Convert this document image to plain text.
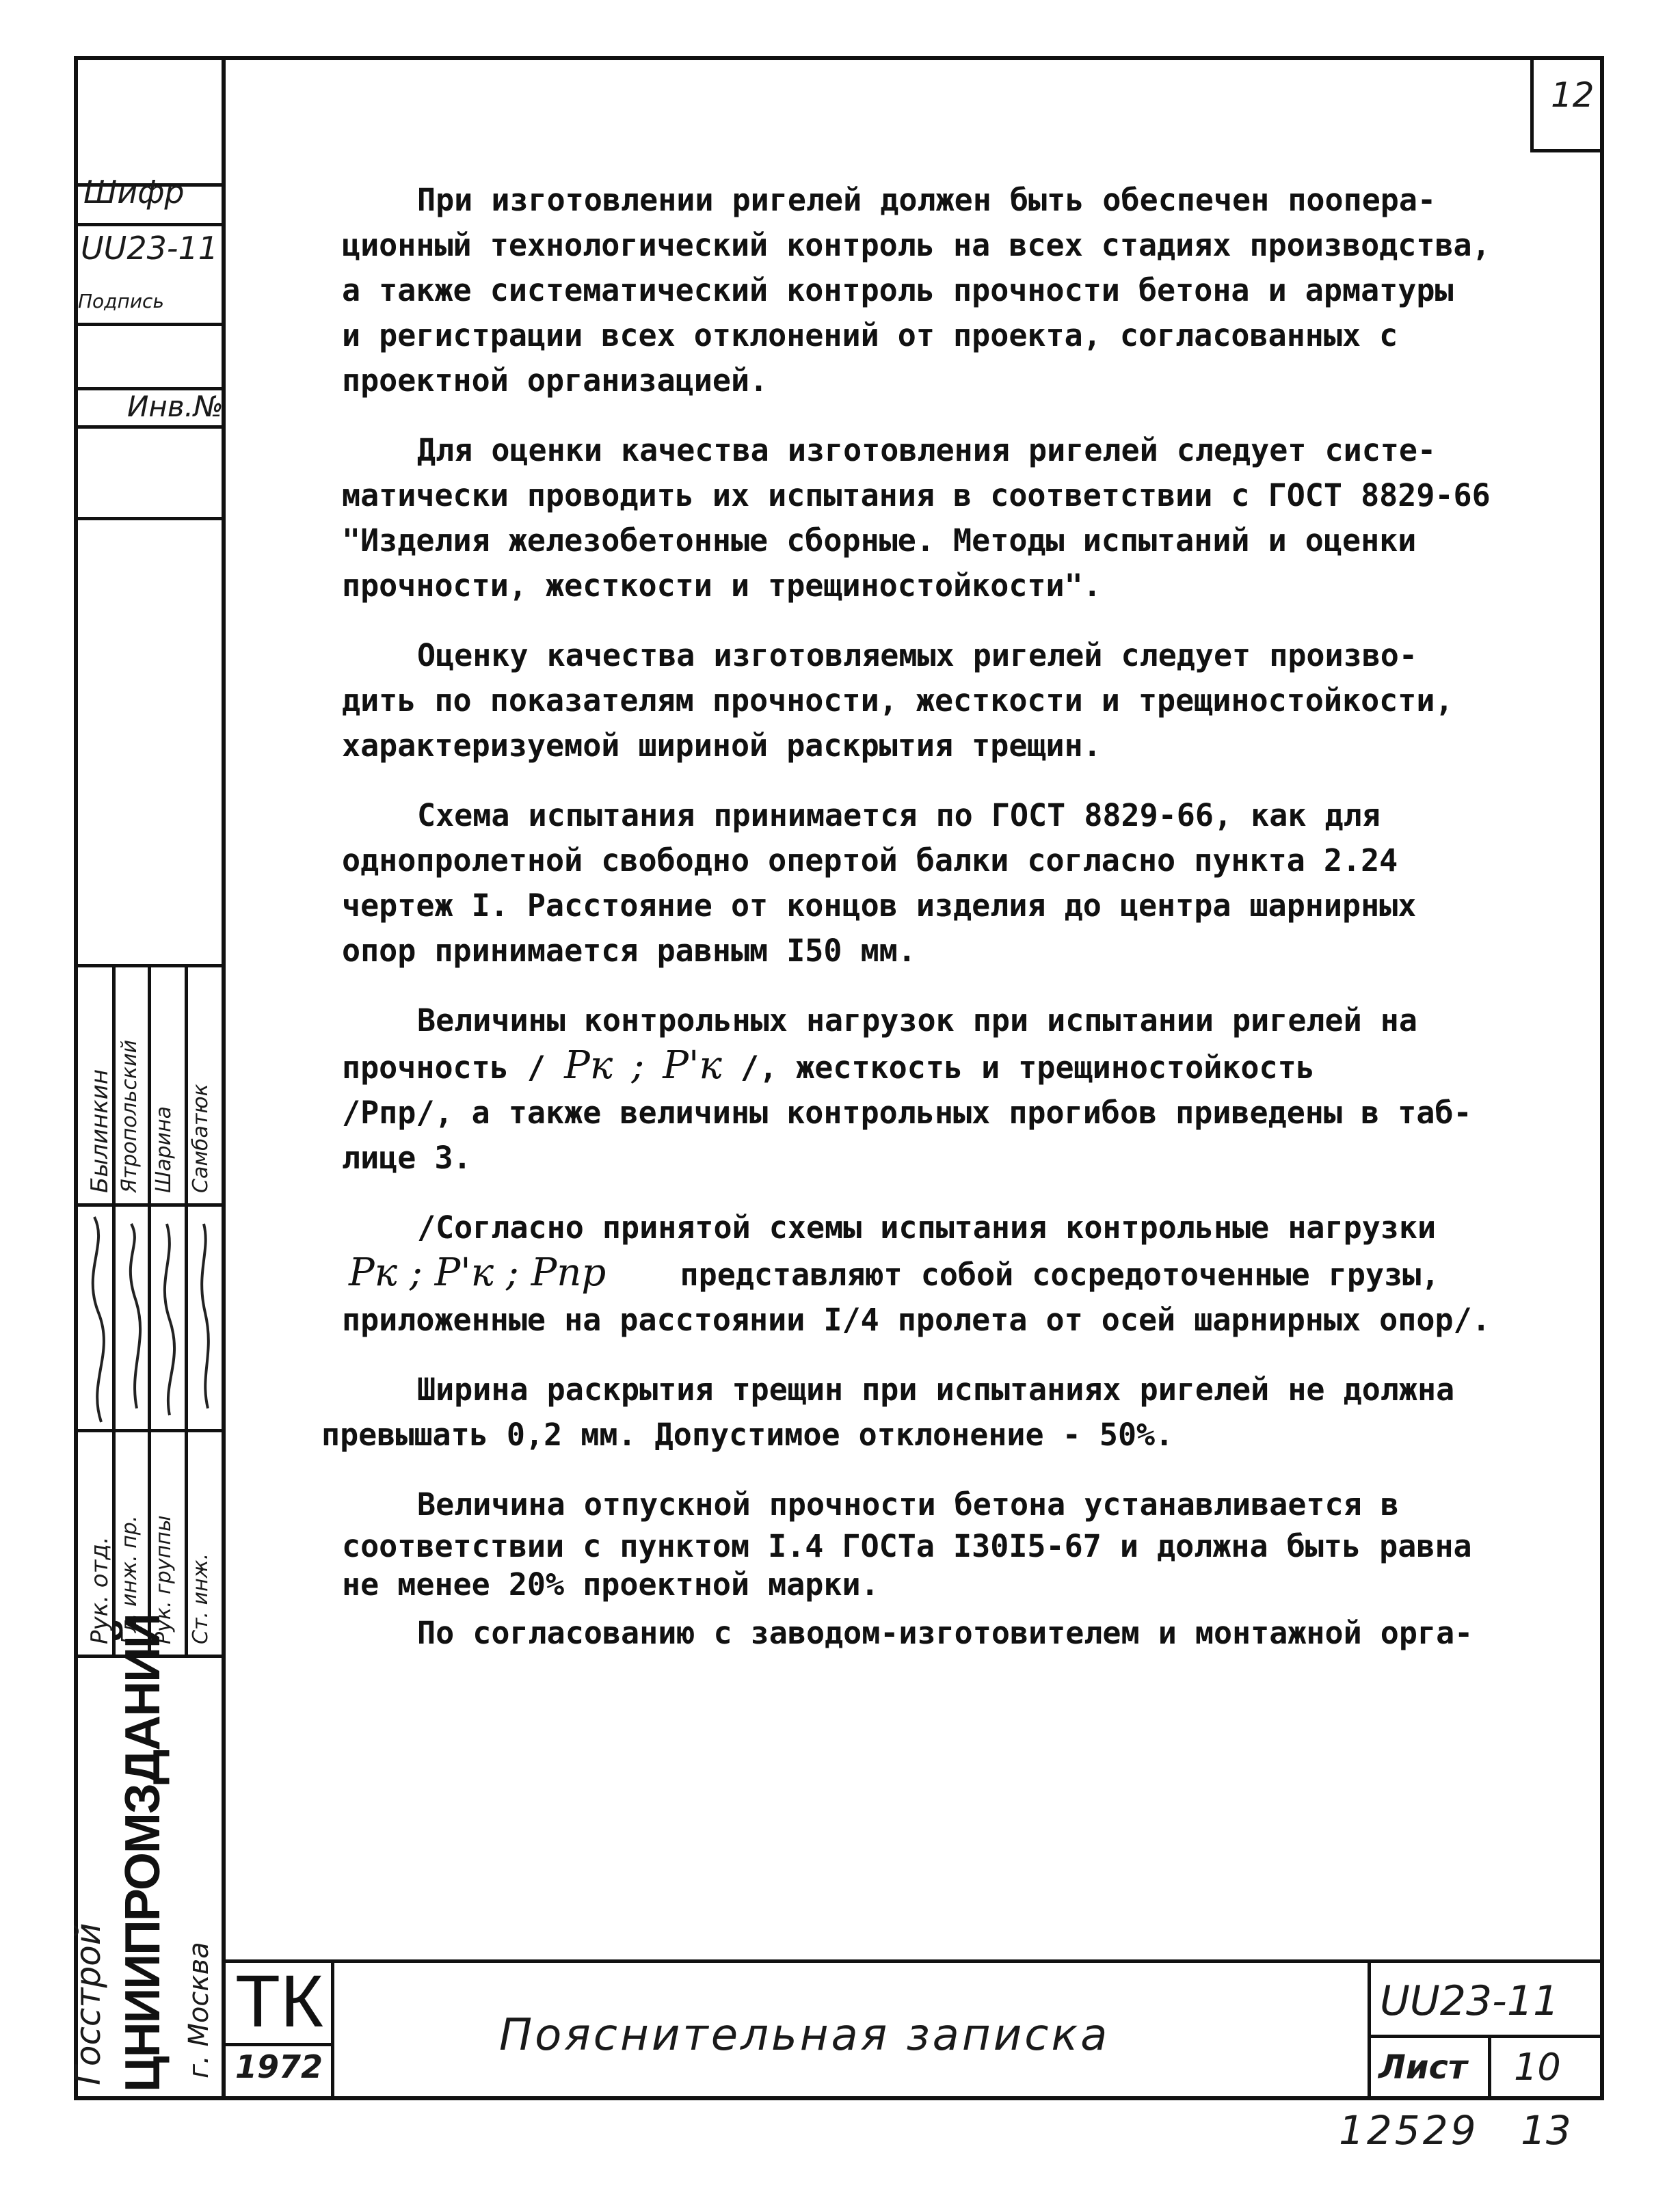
12
Шифр
UU23-11
Подпись
Инв.№
Рук. отд. Гл. инж. пр. Рук. группы Ст. инж.
Былинкин Ятропольский Шарина Самбатюк
Госстрой ЦНИИПРОМЗДАНИЙ г. Москва

При изготовлении ригелей должен быть обеспечен поопера-

ционный технологический контроль на всех стадиях производства,

а также систематический контроль прочности бетона и арматуры

и регистрации всех отклонений от проекта, согласованных с

проектной организацией.

Для оценки качества изготовления ригелей следует систе-

матически проводить их испытания в соответствии с ГОСТ 8829-66

"Изделия железобетонные сборные. Методы испытаний и оценки

прочности, жесткости и трещиностойкости".

Оценку качества изготовляемых ригелей следует произво-

дить по показателям прочности, жесткости и трещиностойкости,

характеризуемой шириной раскрытия трещин.

Схема испытания принимается по ГОСТ 8829-66, как для

однопролетной свободно опертой балки согласно пункта 2.24

чертеж I. Расстояние от концов изделия до центра шарнирных

опор принимается равным I50 мм.

Величины контрольных нагрузок при испытании ригелей на

прочность / Рк ; Р'к /, жесткость и трещиностойкость

/Рпр/, а также величины контрольных прогибов приведены в таб-

лице 3.

/Согласно принятой схемы испытания контрольные нагрузки

Рк ; Р'к ; Рпр представляют собой сосредоточенные грузы,

приложенные на расстоянии I/4 пролета от осей шарнирных опор/.

Ширина раскрытия трещин при испытаниях ригелей не должна

превышать 0,2 мм. Допустимое отклонение - 50%.

Величина отпускной прочности бетона устанавливается в

соответствии с пунктом I.4 ГОСТа I30I5-67 и должна быть равна

не менее 20% проектной марки.

По согласованию с заводом-изготовителем и монтажной орга-

ТК
1972
Пояснительная записка
UU23-11
Лист 10
12529 13
